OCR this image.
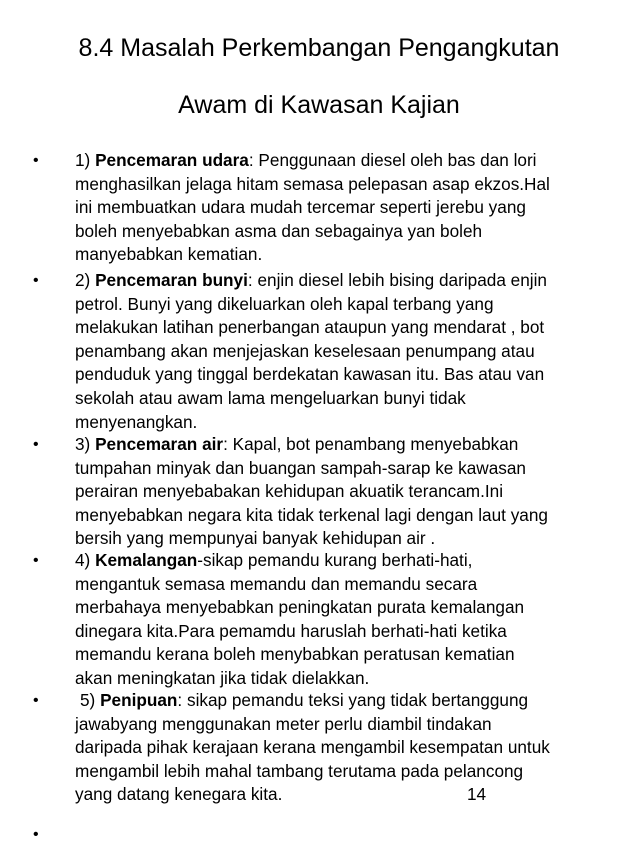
8.4 Masalah Perkembangan Pengangkutan
Awam di Kawasan Kajian
• 1) Pencemaran udara: Penggunaan diesel oleh bas dan lori
menghasilkan jelaga hitam semasa pelepasan asap ekzos.Hal
ini membuatkan udara mudah tercemar seperti jerebu yang
boleh menyebabkan asma dan sebagainya yan boleh
manyebabkan kematian.

• 2) Pencemaran bunyi: enjin diesel lebih bising daripada enjin
petrol. Bunyi yang dikeluarkan oleh kapal terbang yang
melakukan latihan penerbangan ataupun yang mendarat , bot
penambang akan menjejaskan keselesaan penumpang atau
penduduk yang tinggal berdekatan kawasan itu. Bas atau van
sekolah atau awam lama mengeluarkan bunyi tidak
menyenangkan.

• 3) Pencemaran air: Kapal, bot penambang menyebabkan
tumpahan minyak dan buangan sampah-sarap ke kawasan
perairan menyebabakan kehidupan akuatik terancam.Ini
menyebabkan negara kita tidak terkenal lagi dengan laut yang
bersih yang mempunyai banyak kehidupan air .

• 4) Kemalangan-sikap pemandu kurang berhati-hati,
mengantuk semasa memandu dan memandu secara
merbahaya menyebabkan peningkatan purata kemalangan
dinegara kita.Para pemamdu haruslah berhati-hati ketika
memandu kerana boleh menybabkan peratusan kematian
akan meningkatan jika tidak dielakkan.

• 5) Penipuan: sikap pemandu teksi yang tidak bertanggung
jawabyang menggunakan meter perlu diambil tindakan
daripada pihak kerajaan kerana mengambil kesempatan untuk
mengambil lebih mahal tambang terutama pada pelancong
yang datang kenegara kita.	14
•
